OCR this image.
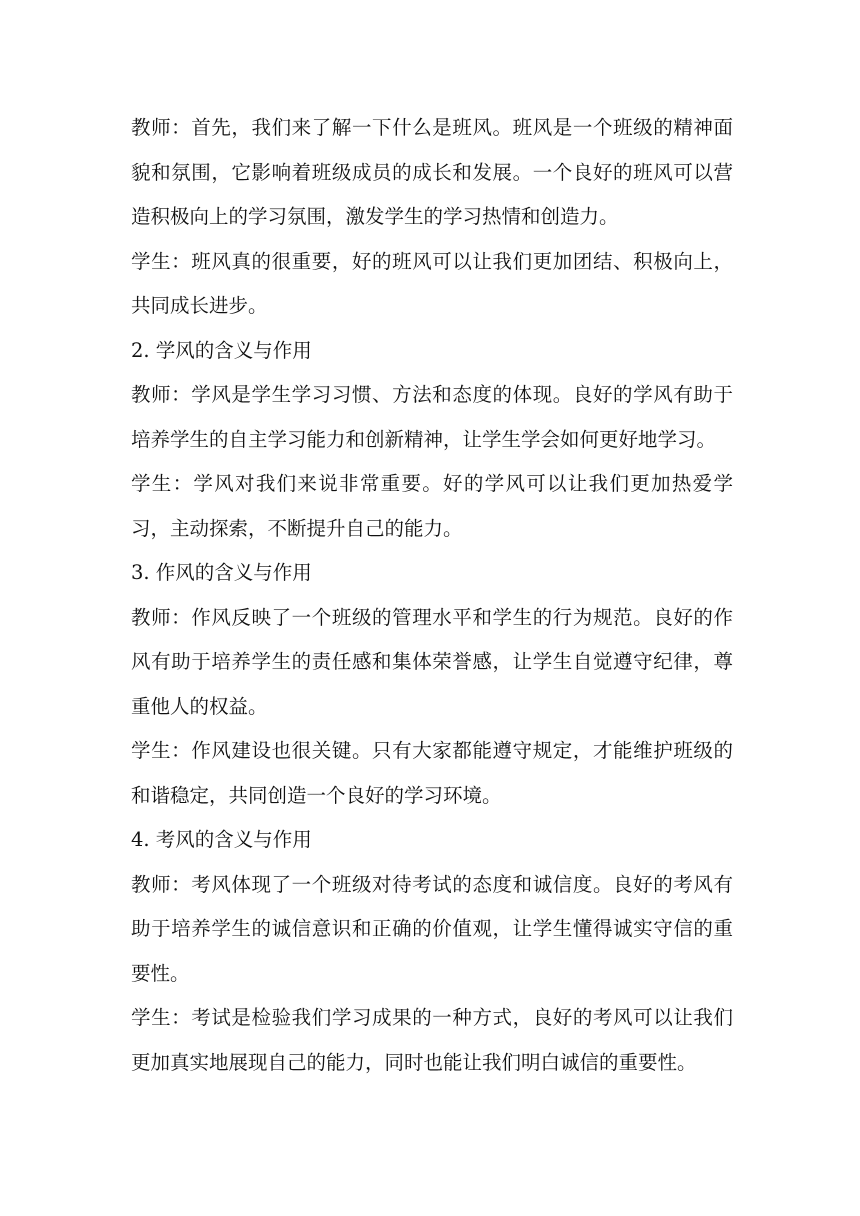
教师：首先，我们来了解一下什么是班风。班风是一个班级的精神面貌和氛围，它影响着班级成员的成长和发展。一个良好的班风可以营造积极向上的学习氛围，激发学生的学习热情和创造力。

学生：班风真的很重要，好的班风可以让我们更加团结、积极向上，共同成长进步。

2. 学风的含义与作用

教师：学风是学生学习习惯、方法和态度的体现。良好的学风有助于培养学生的自主学习能力和创新精神，让学生学会如何更好地学习。

学生：学风对我们来说非常重要。好的学风可以让我们更加热爱学习，主动探索，不断提升自己的能力。

3. 作风的含义与作用

教师：作风反映了一个班级的管理水平和学生的行为规范。良好的作风有助于培养学生的责任感和集体荣誉感，让学生自觉遵守纪律，尊重他人的权益。

学生：作风建设也很关键。只有大家都能遵守规定，才能维护班级的和谐稳定，共同创造一个良好的学习环境。

4. 考风的含义与作用

教师：考风体现了一个班级对待考试的态度和诚信度。良好的考风有助于培养学生的诚信意识和正确的价值观，让学生懂得诚实守信的重要性。

学生：考试是检验我们学习成果的一种方式，良好的考风可以让我们更加真实地展现自己的能力，同时也能让我们明白诚信的重要性。
